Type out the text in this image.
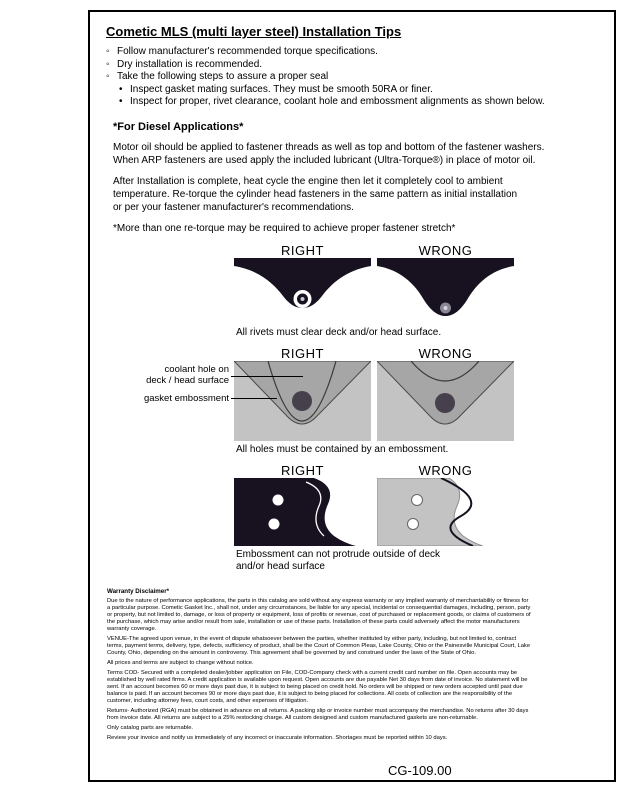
Cometic MLS (multi layer steel) Installation Tips
◦ Follow manufacturer's recommended torque specifications.
◦ Dry installation is recommended.
◦ Take the following steps to assure a proper seal
• Inspect gasket mating surfaces. They must be smooth 50RA or finer.
• Inspect for proper, rivet clearance, coolant hole and embossment alignments as shown below.
*For Diesel Applications*
Motor oil should be applied to fastener threads as well as top and bottom of the fastener washers.
When ARP fasteners are used apply the included lubricant (Ultra-Torque®) in place of motor oil.
After Installation is complete, heat cycle the engine then let it completely cool to ambient
temperature. Re-torque the cylinder head fasteners in the same pattern as initial installation
or per your fastener manufacturer's recommendations.
*More than one re-torque may be required to achieve proper fastener stretch*
RIGHT	WRONG
All rivets must clear deck and/or head surface.
RIGHT	WRONG
All holes must be contained by an embossment.
coolant hole on
deck / head surface
gasket embossment
RIGHT	WRONG
Embossment can not protrude outside of deck
and/or head surface
Warranty Disclaimer*

Due to the nature of performance applications, the parts in this catalog are sold without any express warranty or any implied warranty of merchantability or fitness for a particular purpose. Cometic Gasket Inc., shall not, under any circumstances, be liable for any special, incidental or consequential damages, including, person, party or property, but not limited to, damage, or loss of property or equipment, loss of profits or revenue, cost of purchased or replacement goods, or claims of customers of the purchase, which may arise and/or result from sale, installation or use of these parts. Installation of these parts could adversely affect the motor manufacturers warranty coverage.

VENUE-The agreed upon venue, in the event of dispute whatsoever between the parties, whether instituted by either party, including, but not limited to, contract terms, payment terms, delivery, type, defects, sufficiency of product, shall be the Court of Common Pleas, Lake County, Ohio or the Painesville Municipal Court, Lake County, Ohio, depending on the amount in controversy. This agreement shall be governed by and construed under the laws of the State of Ohio.

All prices and terms are subject to change without notice.

Terms COD- Secured with a completed dealer/jobber application on File, COD-Company check with a current credit card number on file. Open accounts may be established by well rated firms. A credit application is available upon request. Open accounts are due payable Net 30 days from date of invoice. No statement will be sent. If an account becomes 60 or more days past due, it is subject to being placed on credit hold. No orders will be shipped or new orders accepted until past due balance is paid. If an account becomes 90 or more days past due, it is subject to being placed for collections. All costs of collection are the responsibility of the customer, including attorney fees, court costs, and other expenses of litigation.

Returns- Authorized (RGA) must be obtained in advance on all returns. A packing slip or invoice number must accompany the merchandise. No returns after 30 days from invoice date. All returns are subject to a 25% restocking charge. All custom designed and custom manufactured gaskets are non-returnable.

Only catalog parts are returnable.

Review your invoice and notify us immediately of any incorrect or inaccurate information. Shortages must be reported within 10 days.

CG-109.00
